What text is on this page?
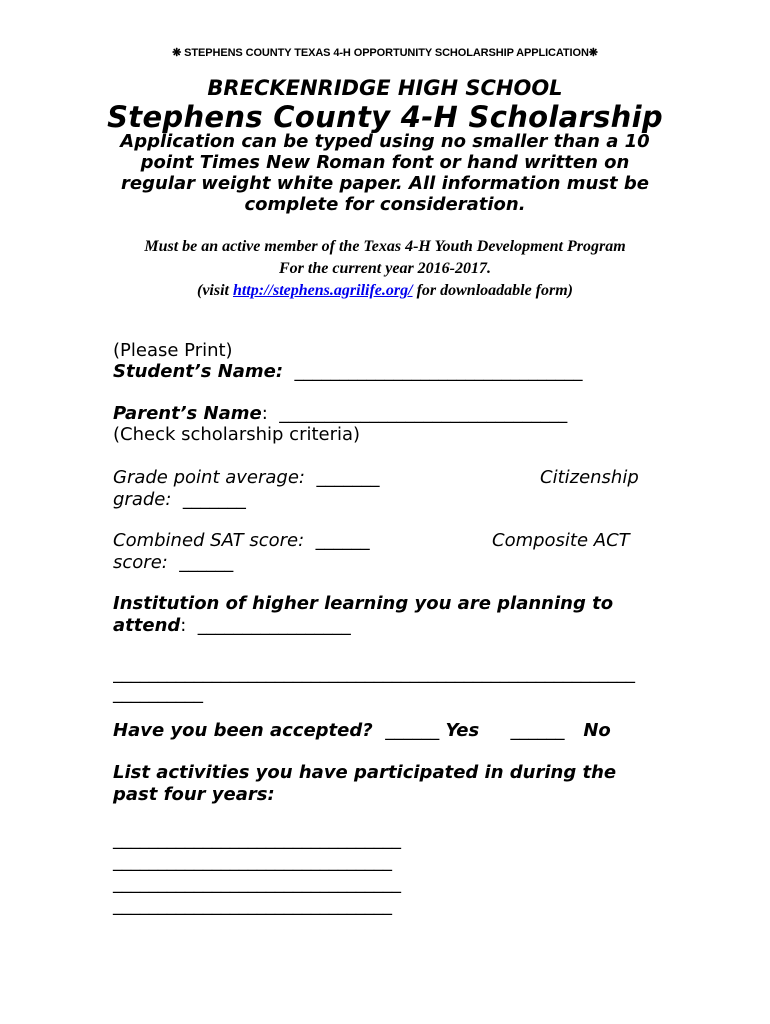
❋ STEPHENS COUNTY TEXAS 4-H OPPORTUNITY SCHOLARSHIP APPLICATION❋
BRECKENRIDGE HIGH SCHOOL
Stephens County 4-H Scholarship
Application can be typed using no smaller than a 10
point Times New Roman font or hand written on
regular weight white paper. All information must be
complete for consideration.
Must be an active member of the Texas 4-H Youth Development Program
For the current year 2016-2017.
(visit http://stephens.agrilife.org/ for downloadable form)
(Please Print)
Student’s Name: ________________________________
Parent’s Name: ________________________________
(Check scholarship criteria)
Grade point average: _______	Citizenship
grade: _______
Combined SAT score: ______	Composite ACT
score: ______
Institution of higher learning you are planning to
attend: _________________
__________________________________________________________
__________
Have you been accepted? ______ Yes ______ No
List activities you have participated in during the
past four years:
________________________________
_______________________________
________________________________
_______________________________
